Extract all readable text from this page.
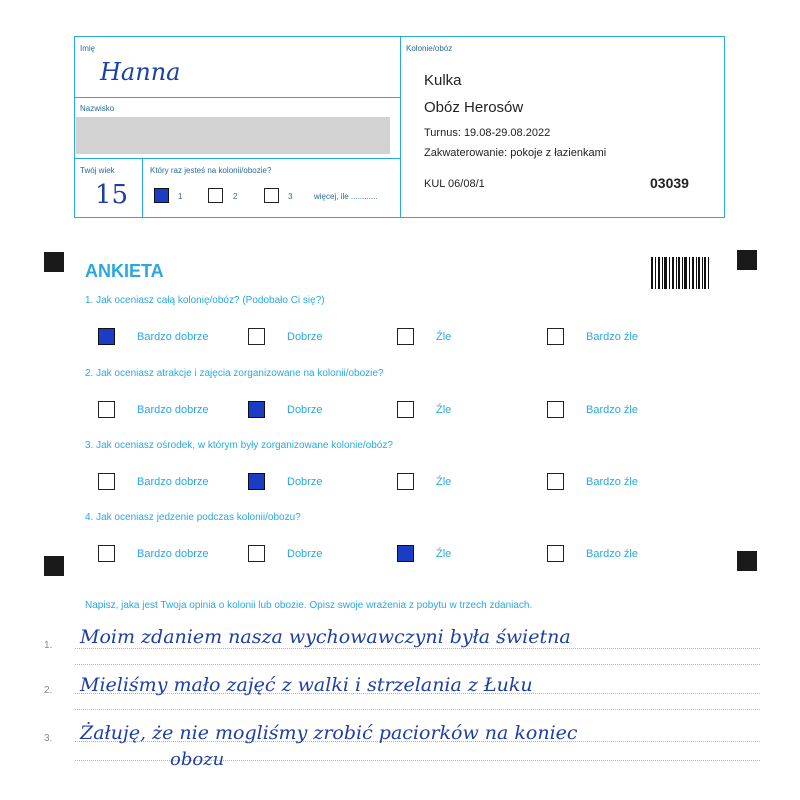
Imię
Hanna
Nazwisko
Twój wiek
15
Który raz jesteś na kolonii/obozie?
1	2	3	więcej, ile ............
Kolonie/obóz
Kulka
Obóz Herosów
Turnus: 19.08-29.08.2022
Zakwaterowanie: pokoje z łazienkami
KUL 06/08/1	03039
ANKIETA
1. Jak oceniasz całą kolonię/obóz? (Podobało Ci się?)
Bardzo dobrze	Dobrze	Źle	Bardzo źle
2. Jak oceniasz atrakcje i zajęcia zorganizowane na kolonii/obozie?
Bardzo dobrze	Dobrze	Źle	Bardzo źle
3. Jak oceniasz ośrodek, w którym były zorganizowane kolonie/obóz?
Bardzo dobrze	Dobrze	Źle	Bardzo źle
4. Jak oceniasz jedzenie podczas kolonii/obozu?
Bardzo dobrze	Dobrze	Źle	Bardzo źle
Napisz, jaka jest Twoja opinia o kolonii lub obozie. Opisz swoje wrażenia z pobytu w trzech zdaniach.
1. Moim zdaniem nasza wychowawczyni była świetna
2. Mieliśmy mało zajęć z walki i strzelania z Łuku
3. Żałuję, że nie mogliśmy zrobić paciorków na koniec
obozu
